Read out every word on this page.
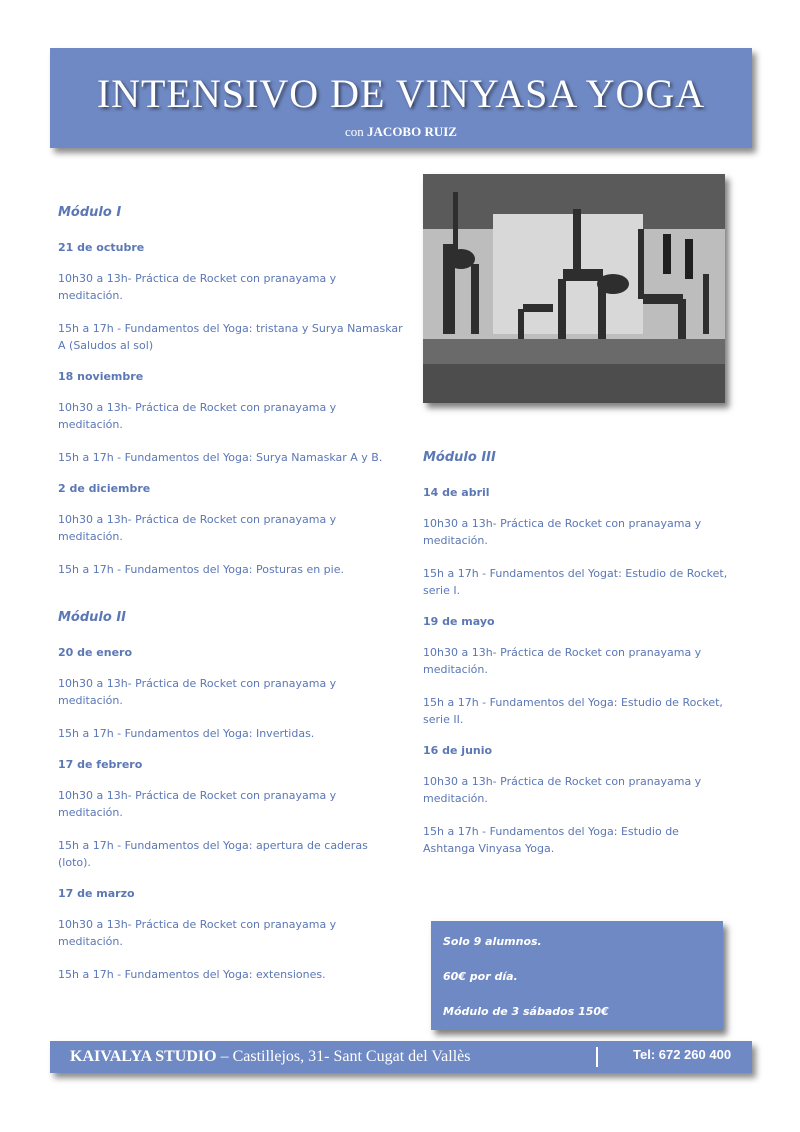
INTENSIVO DE VINYASA YOGA
con JACOBO RUIZ
Módulo I
21 de octubre
10h30 a 13h- Práctica de Rocket con pranayama y meditación.
15h a 17h - Fundamentos del Yoga: tristana y Surya Namaskar A (Saludos al sol)
18 noviembre
10h30 a 13h- Práctica de Rocket con pranayama y meditación.
15h a 17h - Fundamentos del Yoga: Surya Namaskar A y B.
2 de diciembre
10h30 a 13h- Práctica de Rocket con pranayama y meditación.
15h a 17h - Fundamentos del Yoga: Posturas en pie.
Módulo II
20 de enero
10h30 a 13h- Práctica de Rocket con pranayama y meditación.
15h a 17h - Fundamentos del Yoga: Invertidas.
17 de febrero
10h30 a 13h- Práctica de Rocket con pranayama y meditación.
15h a 17h - Fundamentos del Yoga: apertura de caderas (loto).
17 de marzo
10h30 a 13h- Práctica de Rocket con pranayama y meditación.
15h a 17h - Fundamentos del Yoga: extensiones.
Módulo III
14 de abril
10h30 a 13h- Práctica de Rocket con pranayama y meditación.
15h a 17h - Fundamentos del Yogat: Estudio de Rocket, serie I.
19 de mayo
10h30 a 13h- Práctica de Rocket con pranayama y meditación.
15h a 17h - Fundamentos del Yoga: Estudio de Rocket, serie II.
16 de junio
10h30 a 13h- Práctica de Rocket con pranayama y meditación.
15h a 17h - Fundamentos del Yoga: Estudio de Ashtanga Vinyasa Yoga.
Solo 9 alumnos.
60€ por día.
Módulo de 3 sábados 150€
KAIVALYA STUDIO – Castillejos, 31- Sant Cugat del Vallès	Tel: 672 260 400
